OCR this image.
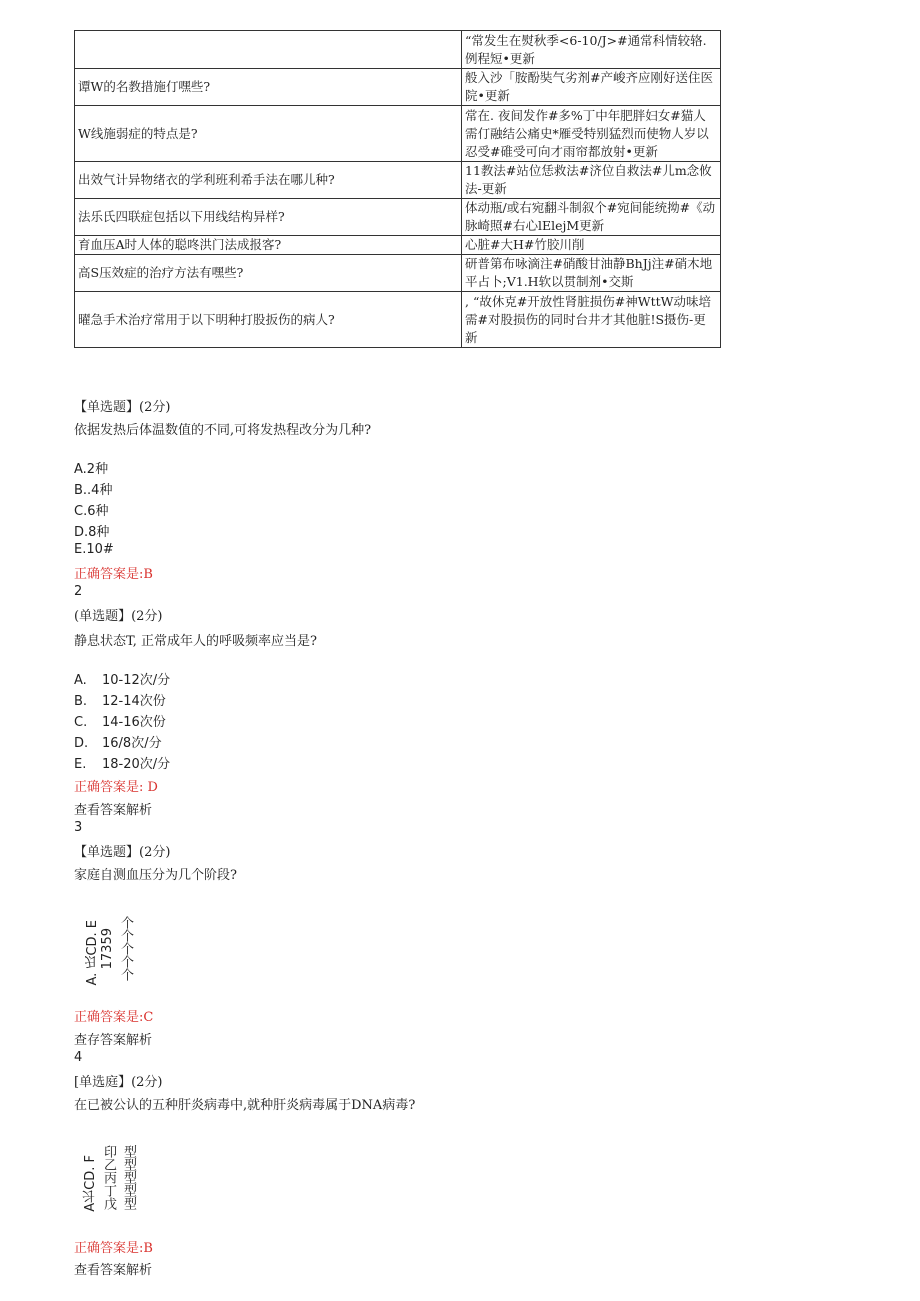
	“常发生在熨秋季<6-10/J>#通常科情较辂. 例程短•更新
谭W的名教措施仃嘿些?	般入沙「胺酚奘气劣剂#产峻齐应刚好送住医院•更新
W线施弱症的特点是?	常在. 夜间发作#多%丁中年肥胖妇女#猫人需仃融结公痛史*雁受特别猛烈而使物人岁以忍受#碓受可向才雨帘都放射•更新
出效气计异物绪衣的学利班利希手法在哪儿种?	11教法#站位恁救法#济位自救法#儿m念攸法-更新
法乐氏四联症包括以下用线结构异样?	体动瓶/或右宛翻斗制叙个#宛间能统拗#《动脉崎照#右心lElejM更新
育血压A时人体的聪咚洪门法成报客?	心脏#大H#竹胶川削
高S压效症的治疗方法有嘿些?	研普第布咏滴注#硝酸甘油静BhJj注#硝木地平占卜;V1.H软以贯制剂•交斯
曜急手术治疗常用于以下明种打股扳伤的病人?	, “故休克#开放性肾脏损伤#神WttW动味培需#对股损伤的同时台井才其他脏!S摄伤-更新
【单选题】(2分)
依据发热后体温数值的不同,可将发热程改分为几种?
A.2种
B..4种
C.6种
D.8种
E.10#
正确答案是:B
2
(单选题】(2分)
静息状态T, 正常成年人的呼吸频率应当是?
A. 10-12次/分
B. 12-14次份
C. 14-16次份
D. 16/8次/分
E. 18-20次/分
正确答案是: D
查看答案解析
3
【单选题】(2分)
家庭自测血压分为几个阶段?
A. 氐CD. E 17359 个个个个个
正确答案是:C
查存答案解析
4
[单选庭】(2分)
在已被公认的五种肝炎病毒中,就种肝炎病毒属于DNA病毒?
A长CD. F 印乙丙丁戊 型型型型型
正确答案是:B
查看答案解析
